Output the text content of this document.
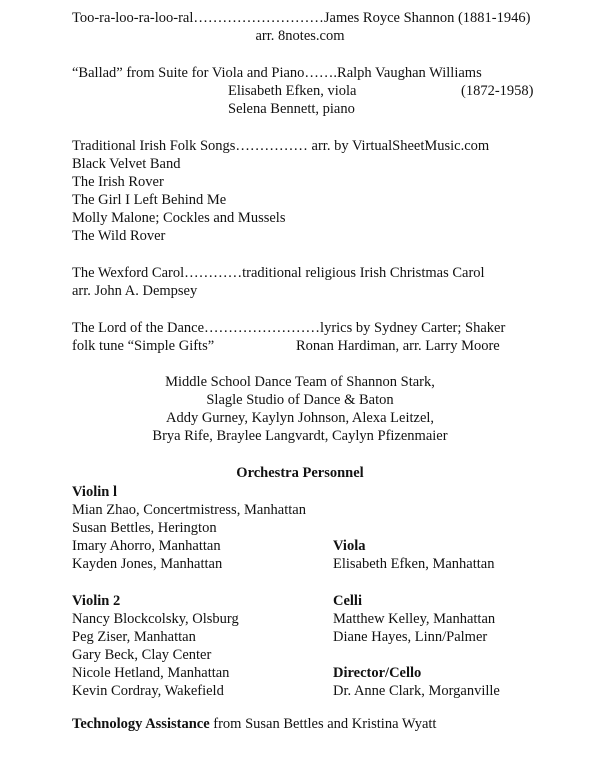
Too-ra-loo-ra-loo-ral………………………James Royce Shannon (1881-1946)
arr. 8notes.com
“Ballad” from Suite for Viola and Piano…….Ralph Vaughan Williams
Elisabeth Efken, viola	(1872-1958)
Selena Bennett, piano
Traditional Irish Folk Songs…………… arr. by VirtualSheetMusic.com
Black Velvet Band
The Irish Rover
The Girl I Left Behind Me
Molly Malone; Cockles and Mussels
The Wild Rover
The Wexford Carol…………traditional religious Irish Christmas Carol
arr. John A. Dempsey
The Lord of the Dance……………………lyrics by Sydney Carter; Shaker
folk tune “Simple Gifts”	Ronan Hardiman, arr. Larry Moore
Middle School Dance Team of Shannon Stark,
Slagle Studio of Dance & Baton
Addy Gurney, Kaylyn Johnson, Alexa Leitzel,
Brya Rife, Braylee Langvardt, Caylyn Pfizenmaier
Orchestra Personnel
Violin l
Mian Zhao, Concertmistress, Manhattan
Susan Bettles, Herington
Imary Ahorro, Manhattan
Kayden Jones, Manhattan
Viola
Elisabeth Efken, Manhattan
Violin 2
Nancy Blockcolsky, Olsburg
Peg Ziser, Manhattan
Gary Beck, Clay Center
Nicole Hetland, Manhattan
Kevin Cordray, Wakefield
Celli
Matthew Kelley, Manhattan
Diane Hayes, Linn/Palmer
Director/Cello
Dr. Anne Clark, Morganville
Technology Assistance from Susan Bettles and Kristina Wyatt
